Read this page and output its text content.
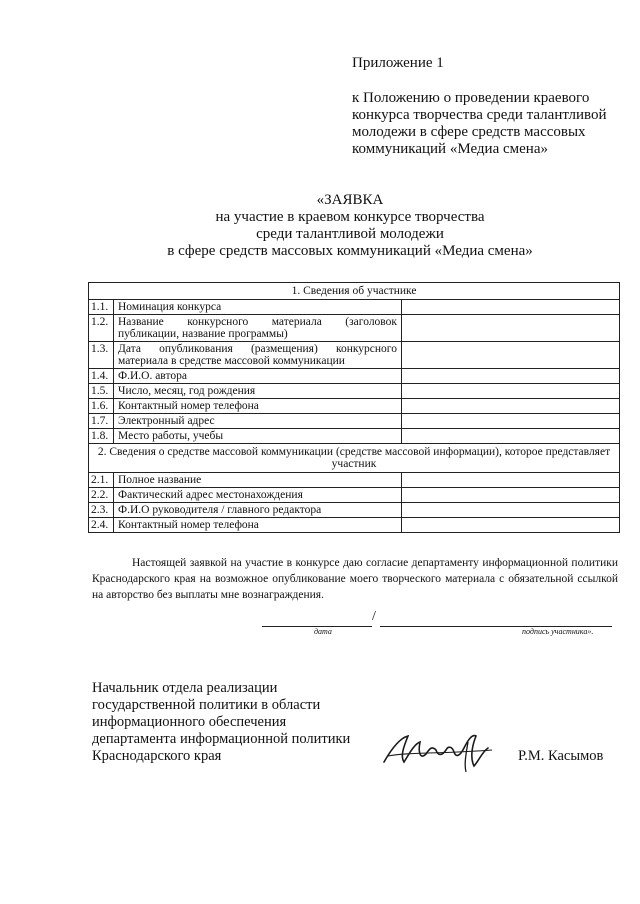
Приложение 1
к Положению о проведении краевого конкурса творчества среди талантливой молодежи в сфере средств массовых коммуникаций «Медиа смена»
«ЗАЯВКА
на участие в краевом конкурсе творчества
среди талантливой молодежи
в сфере средств массовых коммуникаций «Медиа смена»
1. Сведения об участнике		
1.1.	Номинация конкурса	
1.2.	Название конкурсного материала (заголовок публикации, название программы)	
1.3.	Дата опубликования (размещения) конкурсного материала в средстве массовой коммуникации	
1.4.	Ф.И.О. автора	
1.5.	Число, месяц, год рождения	
1.6.	Контактный номер телефона	
1.7.	Электронный адрес	
1.8.	Место работы, учебы	
2. Сведения о средстве массовой коммуникации (средстве массовой информации), которое представляет участник		
2.1.	Полное название	
2.2.	Фактический адрес местонахождения	
2.3.	Ф.И.О руководителя / главного редактора	
2.4.	Контактный номер телефона	
Настоящей заявкой на участие в конкурсе даю согласие департаменту информационной политики Краснодарского края на возможное опубликование моего творческого материала с обязательной ссылкой на авторство без выплаты мне вознаграждения.
/
дата	подпись участника».
Начальник отдела реализации
государственной политики в области
информационного обеспечения
департамента информационной политики
Краснодарского края	Р.М. Касымов
